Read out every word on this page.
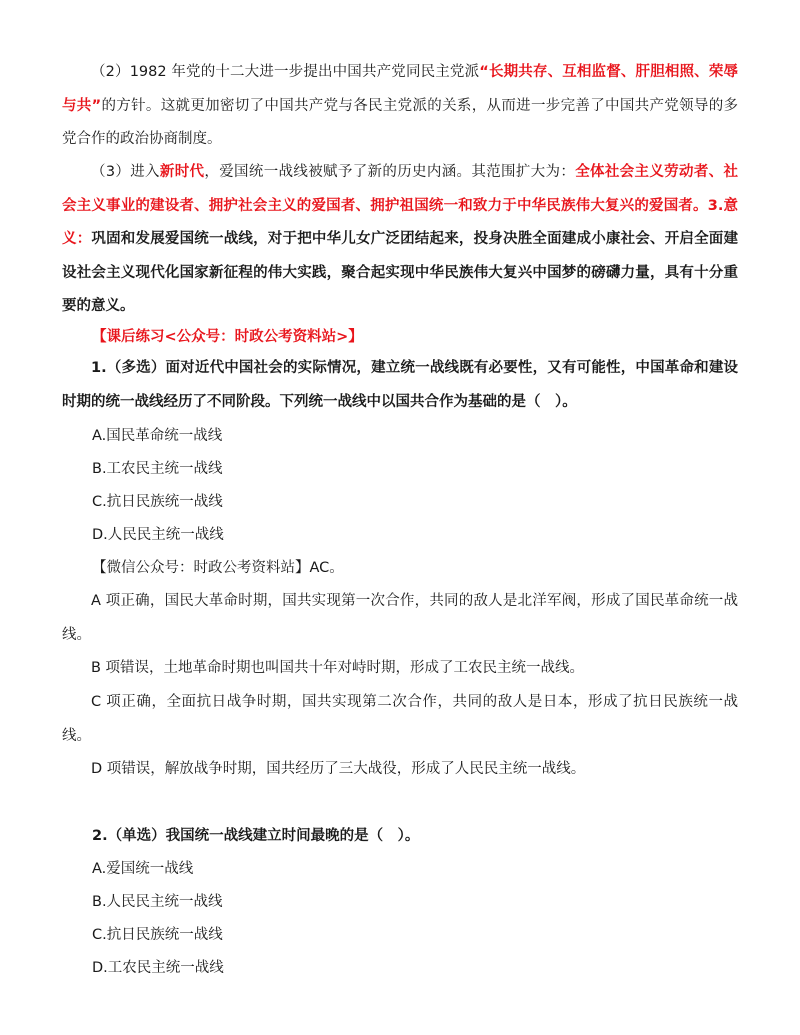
（2）1982 年党的十二大进一步提出中国共产党同民主党派“长期共存、互相监督、肝胆相照、荣辱与共”的方针。这就更加密切了中国共产党与各民主党派的关系，从而进一步完善了中国共产党领导的多党合作的政治协商制度。

（3）进入新时代，爱国统一战线被赋予了新的历史内涵。其范围扩大为：全体社会主义劳动者、社会主义事业的建设者、拥护社会主义的爱国者、拥护祖国统一和致力于中华民族伟大复兴的爱国者。3.意义：巩固和发展爱国统一战线，对于把中华儿女广泛团结起来，投身决胜全面建成小康社会、开启全面建设社会主义现代化国家新征程的伟大实践，聚合起实现中华民族伟大复兴中国梦的磅礴力量，具有十分重要的意义。

【课后练习<公众号：时政公考资料站>】

1.（多选）面对近代中国社会的实际情况，建立统一战线既有必要性，又有可能性，中国革命和建设时期的统一战线经历了不同阶段。下列统一战线中以国共合作为基础的是（　）。

A.国民革命统一战线
B.工农民主统一战线
C.抗日民族统一战线
D.人民民主统一战线
【微信公众号：时政公考资料站】AC。

A 项正确，国民大革命时期，国共实现第一次合作，共同的敌人是北洋军阀，形成了国民革命统一战线。

B 项错误，土地革命时期也叫国共十年对峙时期，形成了工农民主统一战线。

C 项正确，全面抗日战争时期，国共实现第二次合作，共同的敌人是日本，形成了抗日民族统一战线。

D 项错误，解放战争时期，国共经历了三大战役，形成了人民民主统一战线。

2.（单选）我国统一战线建立时间最晚的是（　）。
A.爱国统一战线
B.人民民主统一战线
C.抗日民族统一战线
D.工农民主统一战线
